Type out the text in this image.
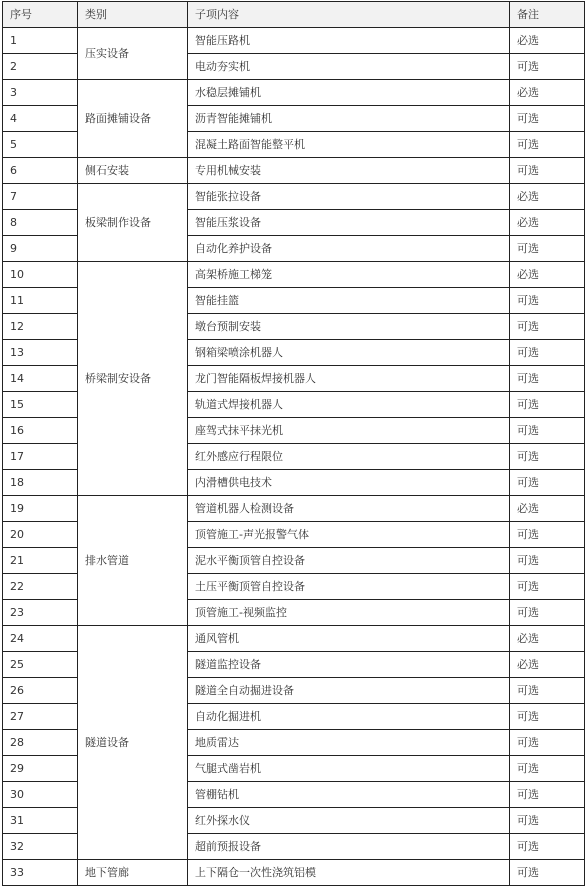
序号	类别	子项内容	备注
1	压实设备	智能压路机	必选
2		电动夯实机	可选
3	路面摊铺设备	水稳层摊铺机	必选
4		沥青智能摊铺机	可选
5		混凝土路面智能整平机	可选
6	侧石安装	专用机械安装	可选
7	板梁制作设备	智能张拉设备	必选
8		智能压浆设备	必选
9		自动化养护设备	可选
10	桥梁制安设备	高架桥施工梯笼	必选
11		智能挂篮	可选
12		墩台预制安装	可选
13		钢箱梁喷涂机器人	可选
14		龙门智能隔板焊接机器人	可选
15		轨道式焊接机器人	可选
16		座驾式抹平抹光机	可选
17		红外感应行程限位	可选
18		内滑槽供电技术	可选
19	排水管道	管道机器人检测设备	必选
20		顶管施工-声光报警气体	可选
21		泥水平衡顶管自控设备	可选
22		土压平衡顶管自控设备	可选
23		顶管施工-视频监控	可选
24	隧道设备	通风管机	必选
25		隧道监控设备	必选
26		隧道全自动掘进设备	可选
27		自动化掘进机	可选
28		地质雷达	可选
29		气腿式凿岩机	可选
30		管棚钻机	可选
31		红外探水仪	可选
32		超前预报设备	可选
33	地下管廊	上下隔仓一次性浇筑铝模	可选
